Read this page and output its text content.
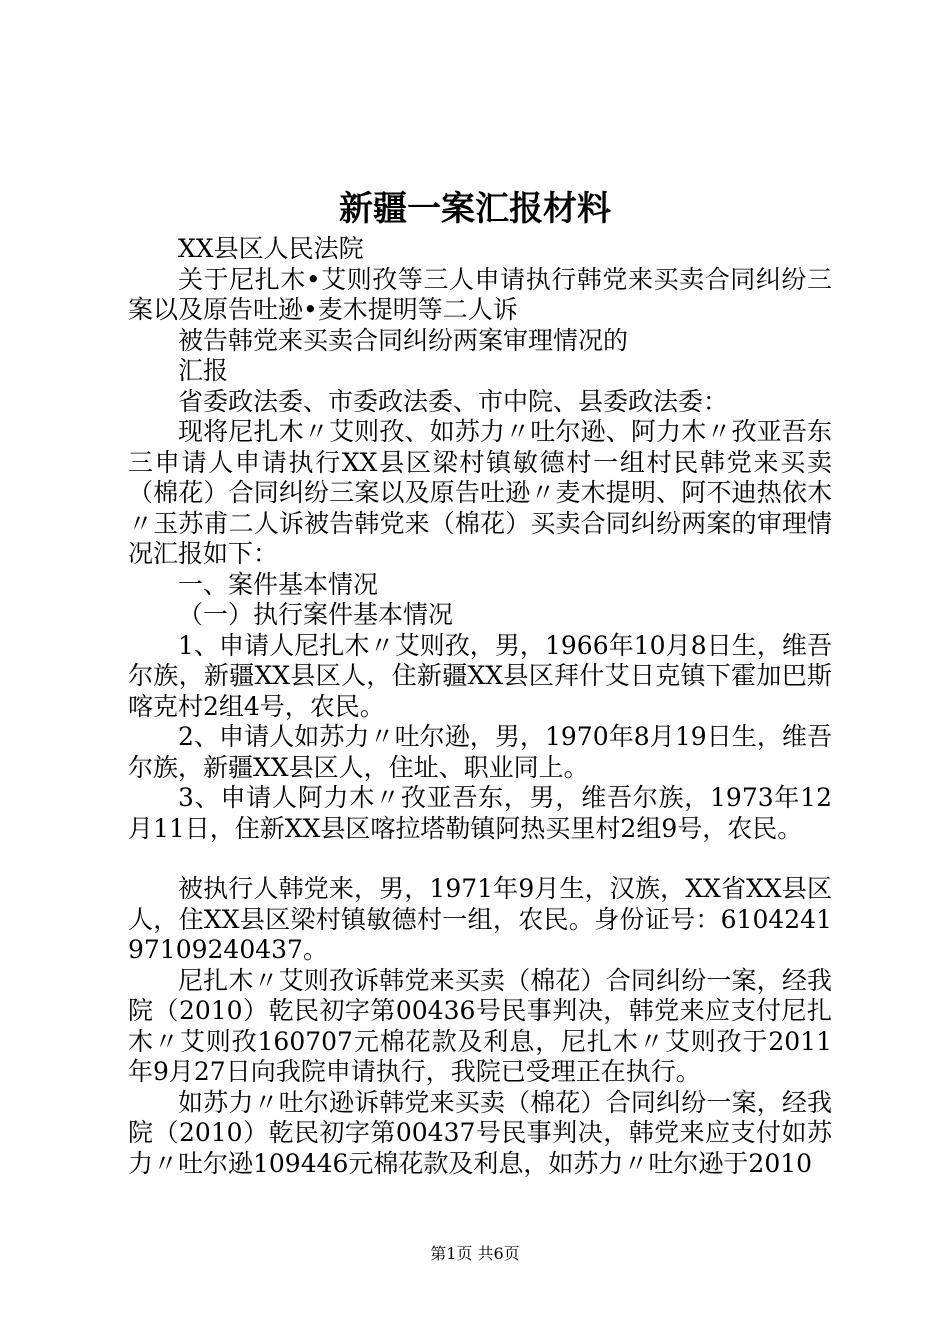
新疆一案汇报材料

XX县区人民法院

关于尼扎木•艾则孜等三人申请执行韩党来买卖合同纠纷三案以及原告吐逊•麦木提明等二人诉

被告韩党来买卖合同纠纷两案审理情况的

汇报

省委政法委、市委政法委、市中院、县委政法委：

现将尼扎木〃艾则孜、如苏力〃吐尔逊、阿力木〃孜亚吾东三申请人申请执行XX县区梁村镇敏德村一组村民韩党来买卖（棉花）合同纠纷三案以及原告吐逊〃麦木提明、阿不迪热依木〃玉苏甫二人诉被告韩党来（棉花）买卖合同纠纷两案的审理情况汇报如下：

一、案件基本情况

（一）执行案件基本情况

1、申请人尼扎木〃艾则孜，男，1966年10月8日生，维吾尔族，新疆XX县区人，住新疆XX县区拜什艾日克镇下霍加巴斯喀克村2组4号，农民。

2、申请人如苏力〃吐尔逊，男，1970年8月19日生，维吾尔族，新疆XX县区人，住址、职业同上。

3、申请人阿力木〃孜亚吾东，男，维吾尔族，1973年12月11日，住新XX县区喀拉塔勒镇阿热买里村2组9号，农民。

被执行人韩党来，男，1971年9月生，汉族，XX省XX县区人，住XX县区梁村镇敏德村一组，农民。身份证号：610424197109240437。

尼扎木〃艾则孜诉韩党来买卖（棉花）合同纠纷一案，经我院（2010）乾民初字第00436号民事判决，韩党来应支付尼扎木〃艾则孜160707元棉花款及利息，尼扎木〃艾则孜于2011年9月27日向我院申请执行，我院已受理正在执行。

如苏力〃吐尔逊诉韩党来买卖（棉花）合同纠纷一案，经我院（2010）乾民初字第00437号民事判决，韩党来应支付如苏力〃吐尔逊109446元棉花款及利息，如苏力〃吐尔逊于2010

第1页 共6页
